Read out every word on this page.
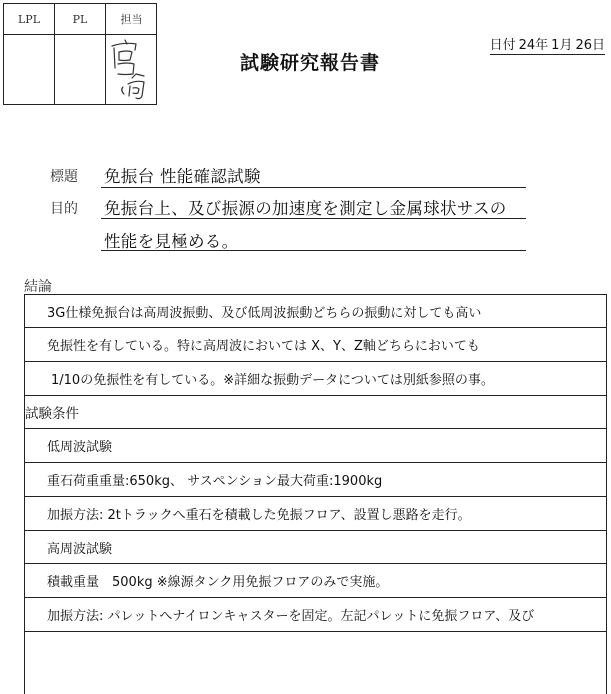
LPL	PL	担当
試験研究報告書
日付 24年 1月 26日
標題 免振台 性能確認試験
目的 免振台上、及び振源の加速度を測定し金属球状サスの
性能を見極める。
結論
3G仕様免振台は高周波振動、及び低周波振動どちらの振動に対しても高い
免振性を有している。特に高周波においては X、Y、Z軸どちらにおいても
1/10の免振性を有している。※詳細な振動データについては別紙参照の事。
試験条件
低周波試験
重石荷重重量:650kg、 サスペンション最大荷重:1900kg
加振方法: 2tトラックへ重石を積載した免振フロア、設置し悪路を走行。
高周波試験
積載重量　500kg ※線源タンク用免振フロアのみで実施。
加振方法: パレットへナイロンキャスターを固定。左記パレットに免振フロア、及び
